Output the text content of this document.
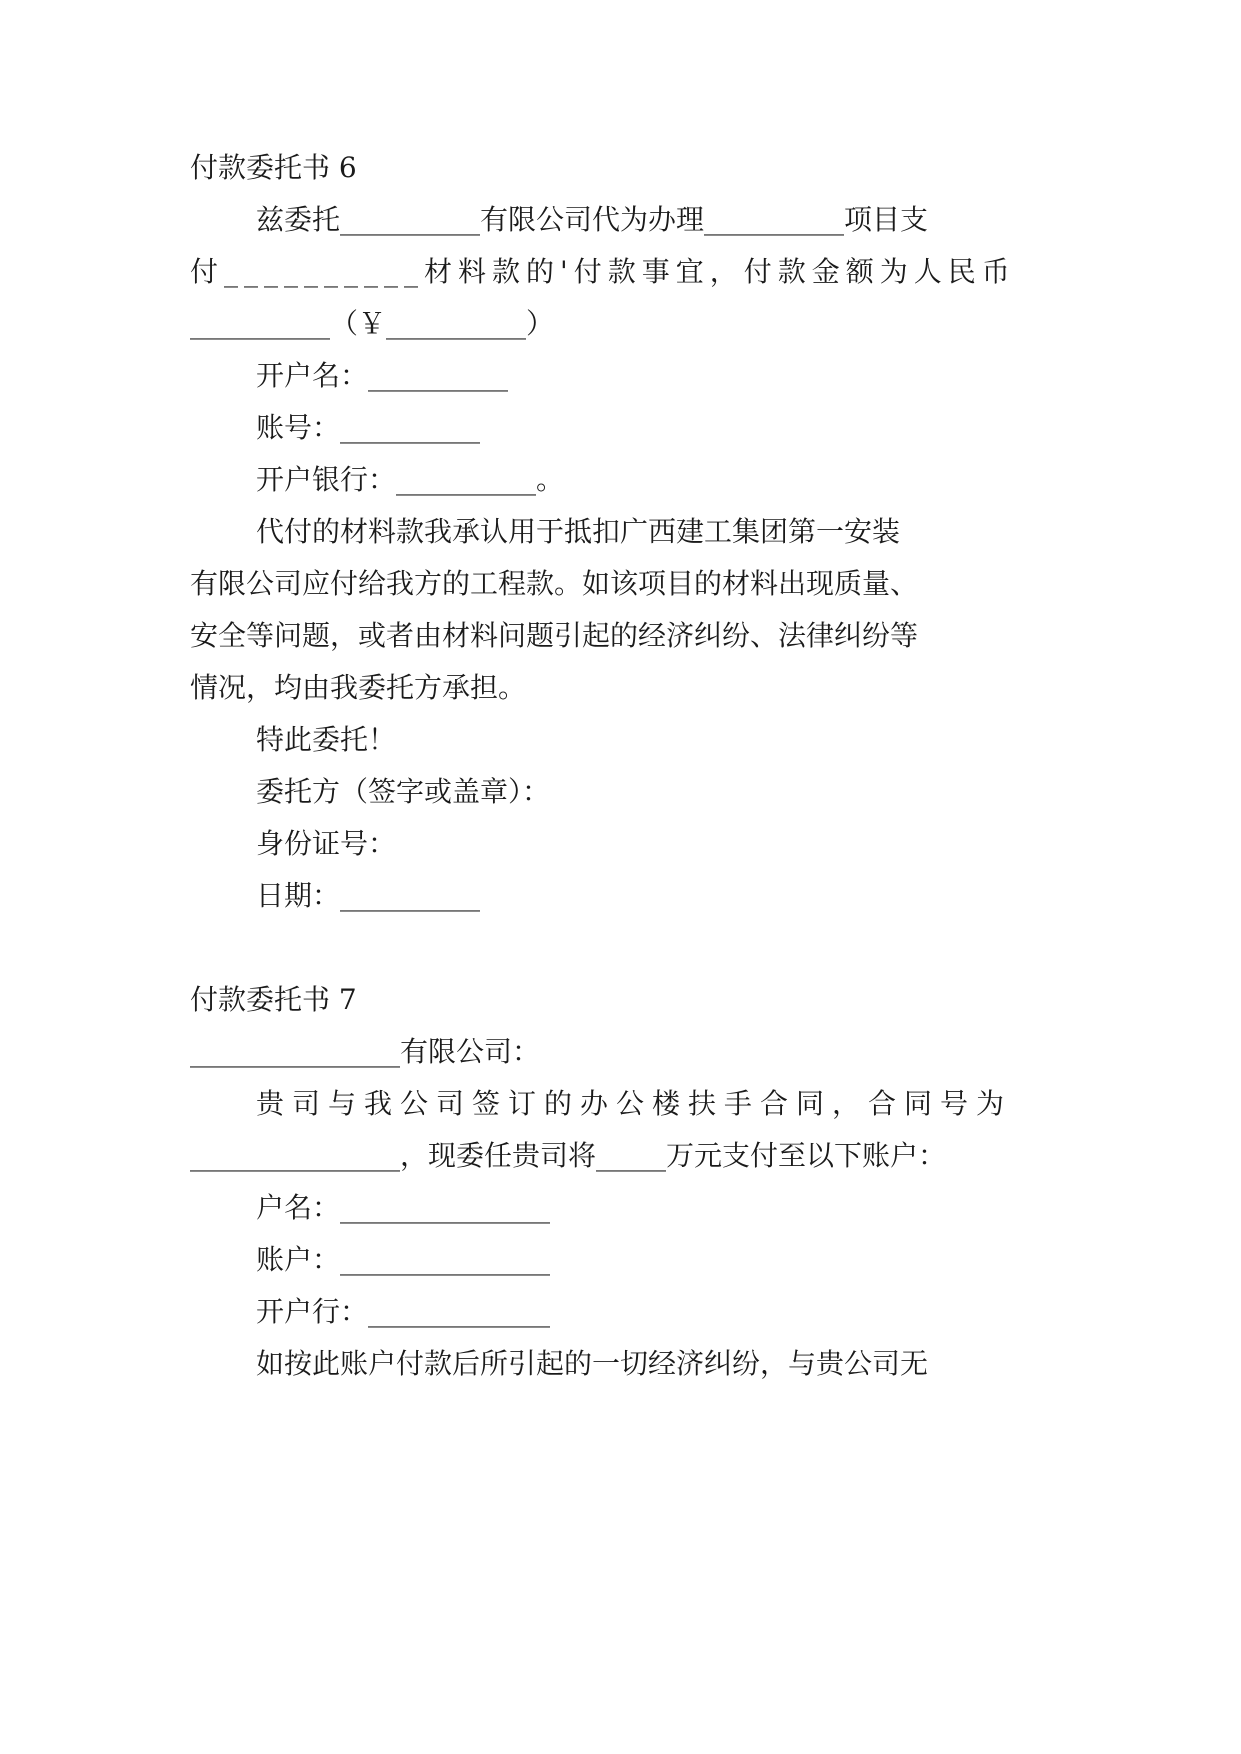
付款委托书 6
兹委托__________有限公司代为办理__________项目支
付__________材料款的'付款事宜，付款金额为人民币
__________（￥__________）
开户名：__________
账号：__________
开户银行：__________。
代付的材料款我承认用于抵扣广西建工集团第一安装
有限公司应付给我方的工程款。如该项目的材料出现质量、
安全等问题，或者由材料问题引起的经济纠纷、法律纠纷等
情况，均由我委托方承担。
特此委托！
委托方（签字或盖章）：
身份证号：
日期：__________
付款委托书 7
_______________有限公司：
贵司与我公司签订的办公楼扶手合同，合同号为
_______________，现委任贵司将_____万元支付至以下账户：
户名：_______________
账户：_______________
开户行：_____________
如按此账户付款后所引起的一切经济纠纷，与贵公司无
